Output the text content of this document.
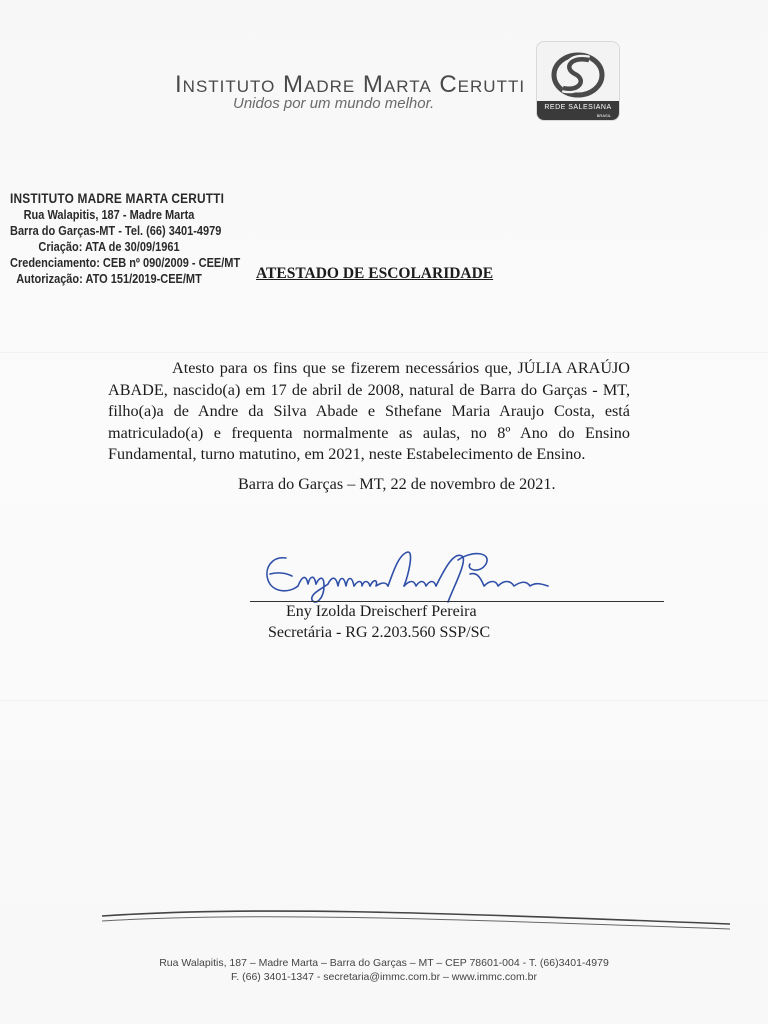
Instituto Madre Marta Cerutti
Unidos por um mundo melhor.	REDE SALESIANA
BRASIL
INSTITUTO MADRE MARTA CERUTTI
Rua Walapitis, 187 - Madre Marta
Barra do Garças-MT - Tel. (66) 3401-4979
Criação: ATA de 30/09/1961
Credenciamento: CEB nº 090/2009 - CEE/MT
Autorização: ATO 151/2019-CEE/MT	ATESTADO DE ESCOLARIDADE

Atesto para os fins que se fizerem necessários que, JÚLIA ARAÚJO ABADE, nascido(a) em 17 de abril de 2008, natural de Barra do Garças - MT, filho(a)a de Andre da Silva Abade e Sthefane Maria Araujo Costa, está matriculado(a) e frequenta normalmente as aulas, no 8º Ano do Ensino Fundamental, turno matutino, em 2021, neste Estabelecimento de Ensino.

Barra do Garças – MT, 22 de novembro de 2021.
Eny Izolda Dreischerf Pereira
Secretária - RG 2.203.560 SSP/SC
Rua Walapitis, 187 – Madre Marta – Barra do Garças – MT – CEP 78601-004 - T. (66)3401-4979
F. (66) 3401-1347 - secretaria@immc.com.br – www.immc.com.br
